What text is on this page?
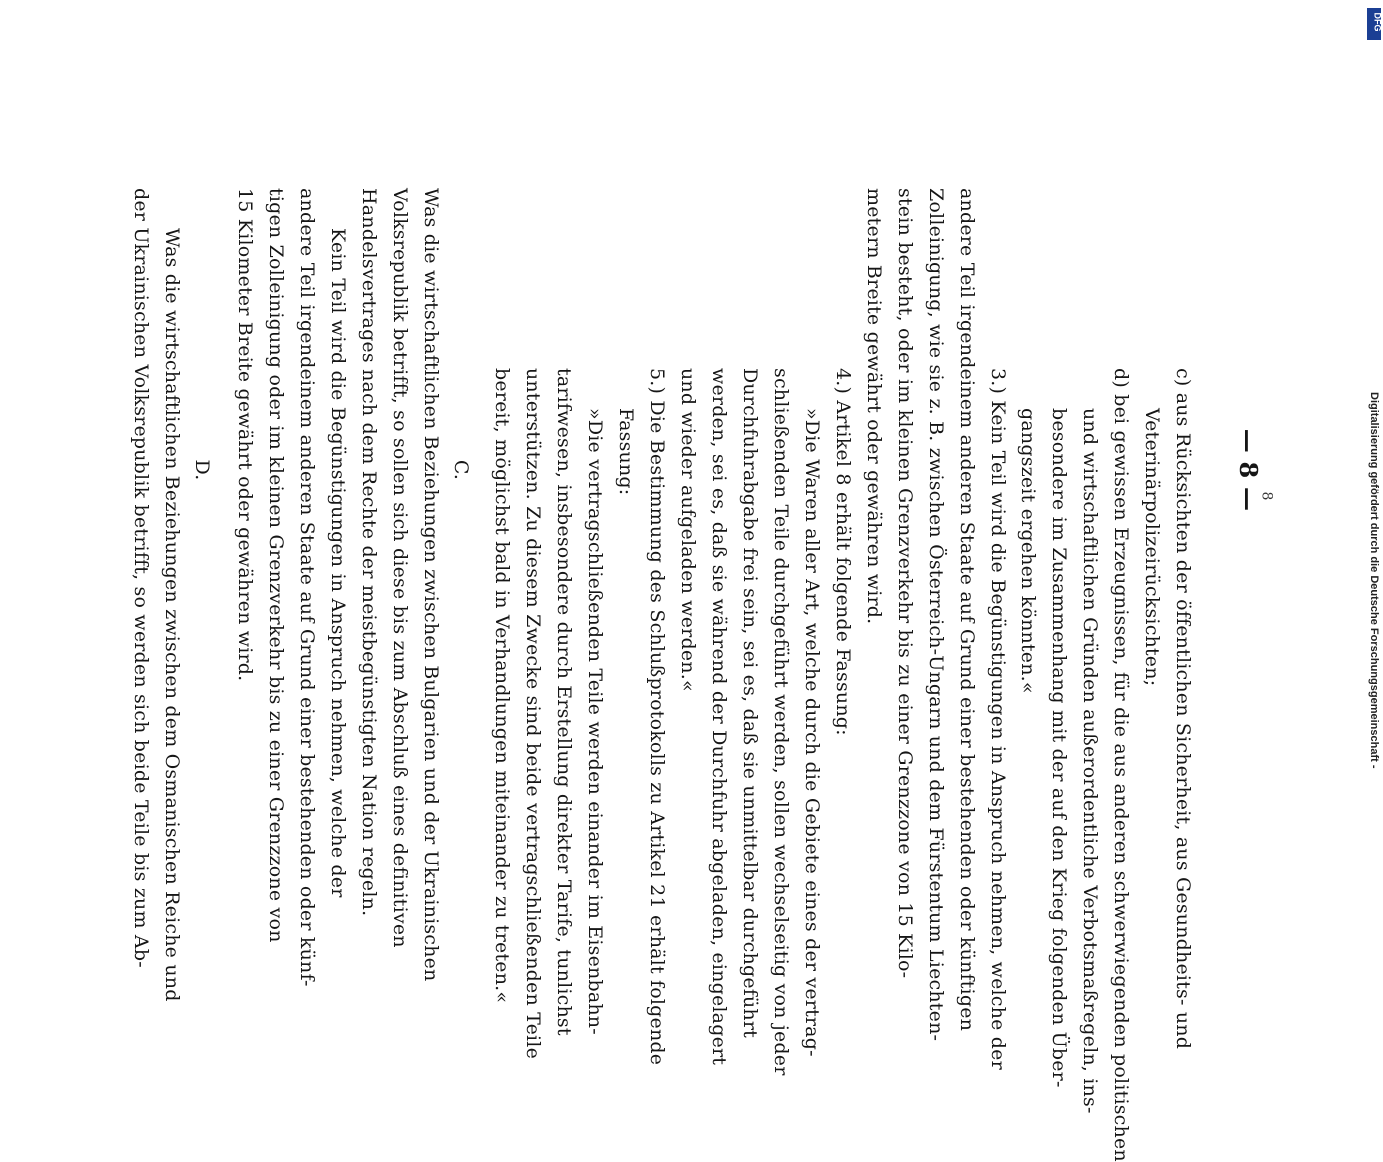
— 8 —
c) aus Rücksichten der öffentlichen Sicherheit, aus Gesundheits- und
Veterinärpolizeirücksichten;
d) bei gewissen Erzeugnissen, für die aus anderen schwerwiegenden politischen
und wirtschaftlichen Gründen außerordentliche Verbotsmaßregeln, ins-
besondere im Zusammenhang mit der auf den Krieg folgenden Über-
gangszeit ergehen könnten.«
3.) Kein Teil wird die Begünstigungen in Anspruch nehmen, welche der
andere Teil irgendeinem anderen Staate auf Grund einer bestehenden oder künftigen
Zolleinigung, wie sie z. B. zwischen Österreich-Ungarn und dem Fürstentum Liechten-
stein besteht, oder im kleinen Grenzverkehr bis zu einer Grenzzone von 15 Kilo-
metern Breite gewährt oder gewähren wird.
4.) Artikel 8 erhält folgende Fassung:
»Die Waren aller Art, welche durch die Gebiete eines der vertrag-
schließenden Teile durchgeführt werden, sollen wechselseitig von jeder
Durchfuhrabgabe frei sein, sei es, daß sie unmittelbar durchgeführt
werden, sei es, daß sie während der Durchfuhr abgeladen, eingelagert
und wieder aufgeladen werden.«
5.) Die Bestimmung des Schlußprotokolls zu Artikel 21 erhält folgende
Fassung:
»Die vertragschließenden Teile werden einander im Eisenbahn-
tarifwesen, insbesondere durch Erstellung direkter Tarife, tunlichst
unterstützen. Zu diesem Zwecke sind beide vertragschließenden Teile
bereit, möglichst bald in Verhandlungen miteinander zu treten.«
C.
Was die wirtschaftlichen Beziehungen zwischen Bulgarien und der Ukrainischen
Volksrepublik betrifft, so sollen sich diese bis zum Abschluß eines definitiven
Handelsvertrages nach dem Rechte der meistbegünstigten Nation regeln.
Kein Teil wird die Begünstigungen in Anspruch nehmen, welche der
andere Teil irgendeinem anderen Staate auf Grund einer bestehenden oder künf-
tigen Zolleinigung oder im kleinen Grenzverkehr bis zu einer Grenzzone von
15 Kilometer Breite gewährt oder gewähren wird.
D.
Was die wirtschaftlichen Beziehungen zwischen dem Osmanischen Reiche und
der Ukrainischen Volksrepublik betrifft, so werden sich beide Teile bis zum Ab-	8	Digitalisierung gefördert durch die Deutsche Forschungsgemeinschaft -
DFG
